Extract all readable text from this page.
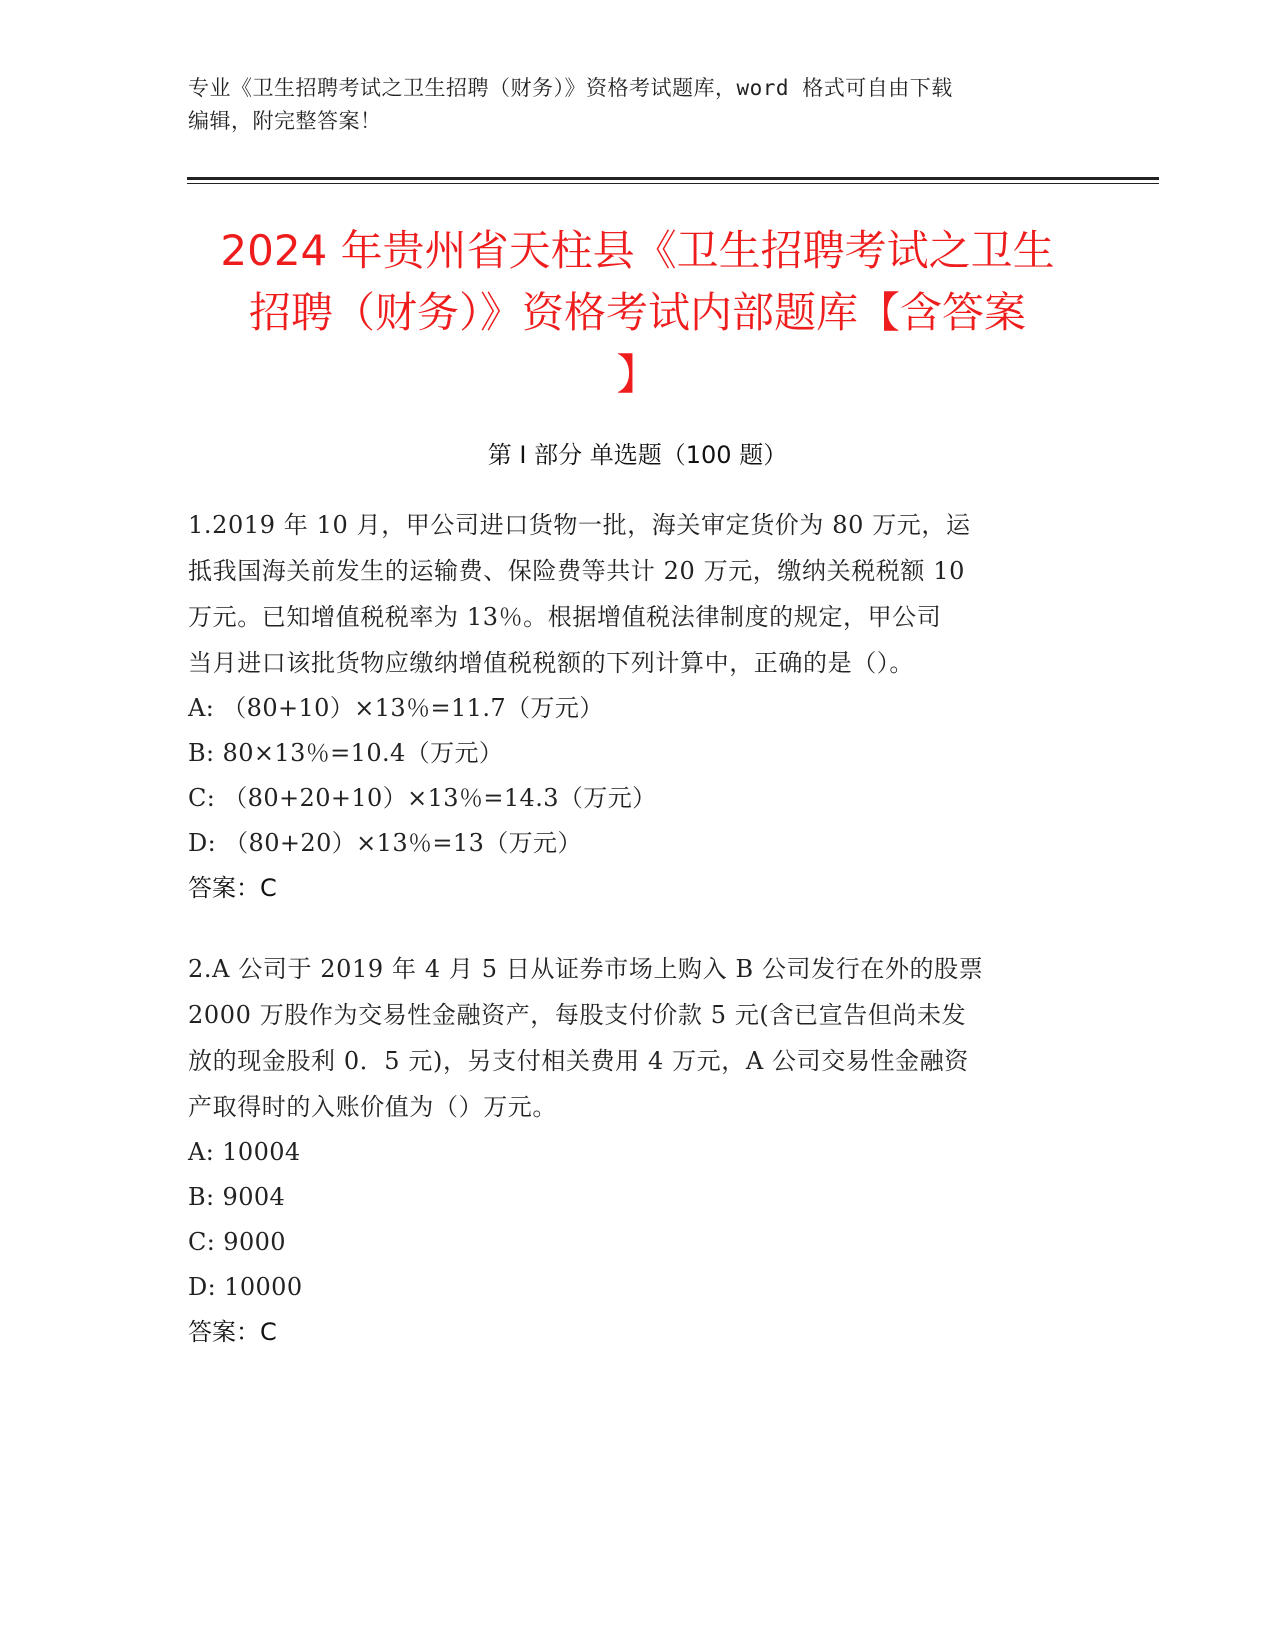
专业《卫生招聘考试之卫生招聘（财务）》资格考试题库，word 格式可自由下载
编辑，附完整答案！
2024 年贵州省天柱县《卫生招聘考试之卫生
招聘（财务）》资格考试内部题库【含答案
】
第 I 部分 单选题（100 题）
1.2019 年 10 月，甲公司进口货物一批，海关审定货价为 80 万元，运
抵我国海关前发生的运输费、保险费等共计 20 万元，缴纳关税税额 10
万元。已知增值税税率为 13％。根据增值税法律制度的规定，甲公司
当月进口该批货物应缴纳增值税税额的下列计算中，正确的是（）。
A: （80+10）×13％=11.7（万元）
B: 80×13％=10.4（万元）
C: （80+20+10）×13％=14.3（万元）
D: （80+20）×13％=13（万元）
答案：C
2.A 公司于 2019 年 4 月 5 日从证券市场上购入 B 公司发行在外的股票
2000 万股作为交易性金融资产，每股支付价款 5 元(含已宣告但尚未发
放的现金股利 0．5 元)，另支付相关费用 4 万元，A 公司交易性金融资
产取得时的入账价值为（）万元。
A: 10004
B: 9004
C: 9000
D: 10000
答案：C
